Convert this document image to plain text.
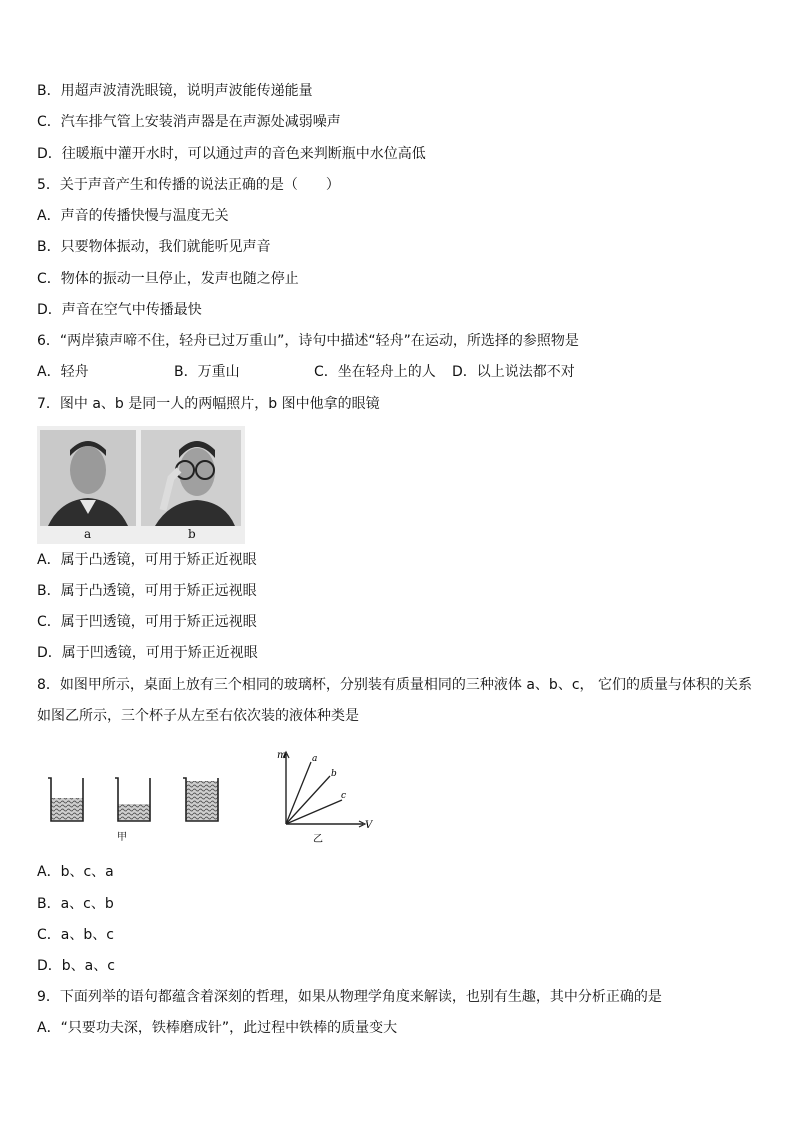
B．用超声波清洗眼镜，说明声波能传递能量
C．汽车排气管上安装消声器是在声源处减弱噪声
D．往暖瓶中灌开水时，可以通过声的音色来判断瓶中水位高低
5．关于声音产生和传播的说法正确的是（　　）
A．声音的传播快慢与温度无关
B．只要物体振动，我们就能听见声音
C．物体的振动一旦停止，发声也随之停止
D．声音在空气中传播最快
6．“两岸猿声啼不住，轻舟已过万重山”，诗句中描述“轻舟”在运动，所选择的参照物是
A．轻舟	B．万重山	C．坐在轻舟上的人 D．以上说法都不对
7．图中 a、b 是同一人的两幅照片，b 图中他拿的眼镜
a	b
A．属于凸透镜，可用于矫正近视眼
B．属于凸透镜，可用于矫正远视眼
C．属于凹透镜，可用于矫正远视眼
D．属于凹透镜，可用于矫正近视眼
8．如图甲所示，桌面上放有三个相同的玻璃杯，分别装有质量相同的三种液体 a、b、c， 它们的质量与体积的关系
如图乙所示，三个杯子从左至右依次装的液体种类是
甲
m
V
a
b
c
乙
A．b、c、a
B．a、c、b
C．a、b、c
D．b、a、c
9．下面列举的语句都蕴含着深刻的哲理，如果从物理学角度来解读，也别有生趣，其中分析正确的是
A．“只要功夫深，铁棒磨成针”，此过程中铁棒的质量变大
